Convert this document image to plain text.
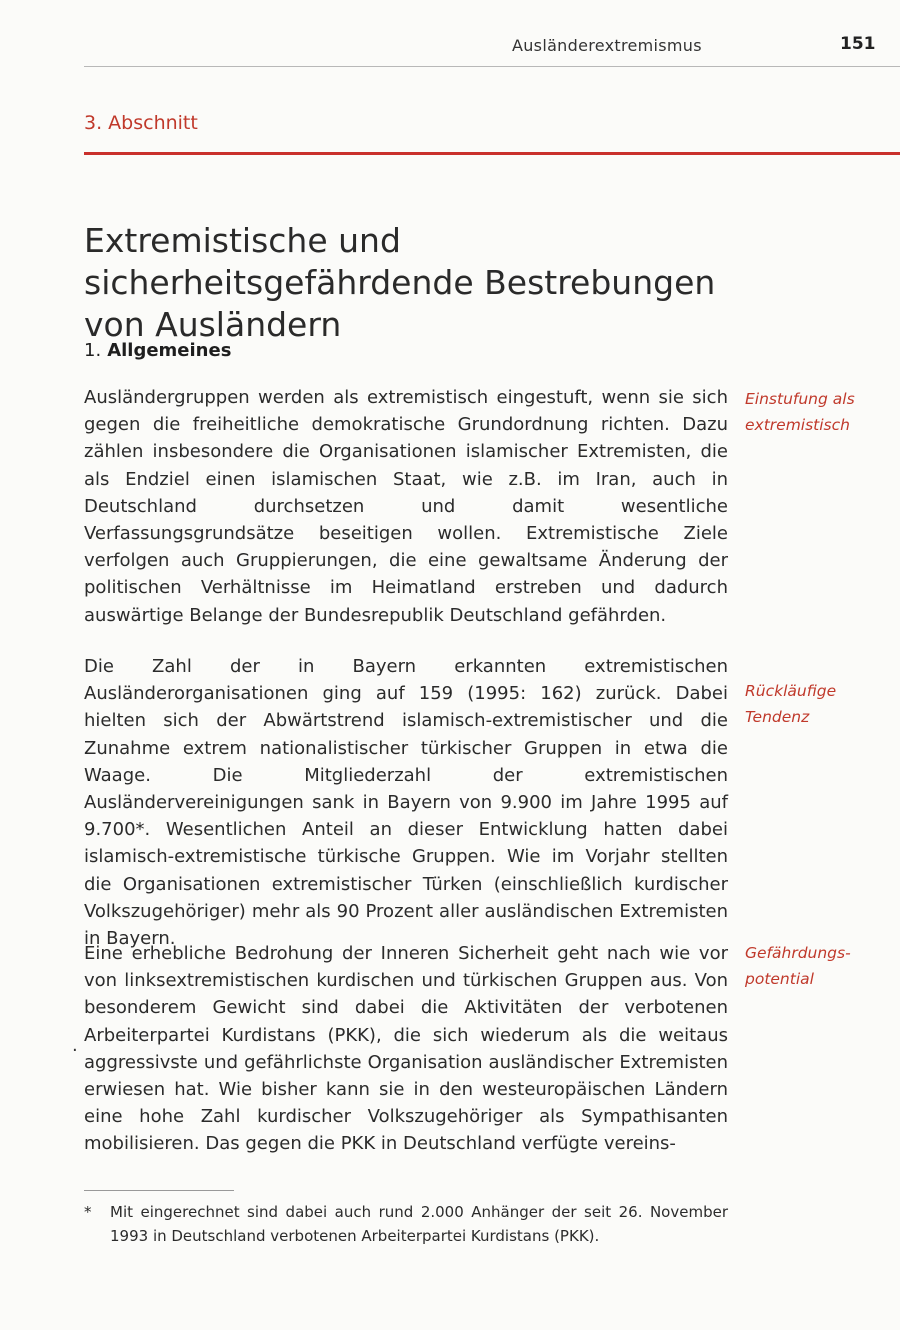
Ausländerextremismus	151
3. Abschnitt
Extremistische und sicherheitsgefährdende Bestrebungen von Ausländern
1. Allgemeines

Ausländergruppen werden als extremistisch eingestuft, wenn sie sich gegen die freiheitliche demokratische Grundordnung richten. Dazu zählen insbesondere die Organisationen islamischer Extremisten, die als Endziel einen islamischen Staat, wie z.B. im Iran, auch in Deutschland durchsetzen und damit wesentliche Verfassungsgrundsätze beseitigen wollen. Extremistische Ziele verfolgen auch Gruppierungen, die eine gewaltsame Änderung der politischen Verhältnisse im Heimatland erstreben und dadurch auswärtige Belange der Bundesrepublik Deutschland gefährden.

Einstufung als
extremistisch

Die Zahl der in Bayern erkannten extremistischen Ausländerorganisationen ging auf 159 (1995: 162) zurück. Dabei hielten sich der Abwärtstrend islamisch-extremistischer und die Zunahme extrem nationalistischer türkischer Gruppen in etwa die Waage. Die Mitgliederzahl der extremistischen Ausländervereinigungen sank in Bayern von 9.900 im Jahre 1995 auf 9.700*. Wesentlichen Anteil an dieser Entwicklung hatten dabei islamisch-extremistische türkische Gruppen. Wie im Vorjahr stellten die Organisationen extremistischer Türken (einschließlich kurdischer Volkszugehöriger) mehr als 90 Prozent aller ausländischen Extremisten in Bayern.

Rückläufige
Tendenz

Eine erhebliche Bedrohung der Inneren Sicherheit geht nach wie vor von linksextremistischen kurdischen und türkischen Gruppen aus. Von besonderem Gewicht sind dabei die Aktivitäten der verbotenen Arbeiterpartei Kurdistans (PKK), die sich wiederum als die weitaus aggressivste und gefährlichste Organisation ausländischer Extremisten erwiesen hat. Wie bisher kann sie in den westeuropäischen Ländern eine hohe Zahl kurdischer Volkszugehöriger als Sympathisanten mobilisieren. Das gegen die PKK in Deutschland verfügte vereins-

Gefährdungs-
potential
·
* Mit eingerechnet sind dabei auch rund 2.000 Anhänger der seit 26. November 1993 in Deutschland verbotenen Arbeiterpartei Kurdistans (PKK).
